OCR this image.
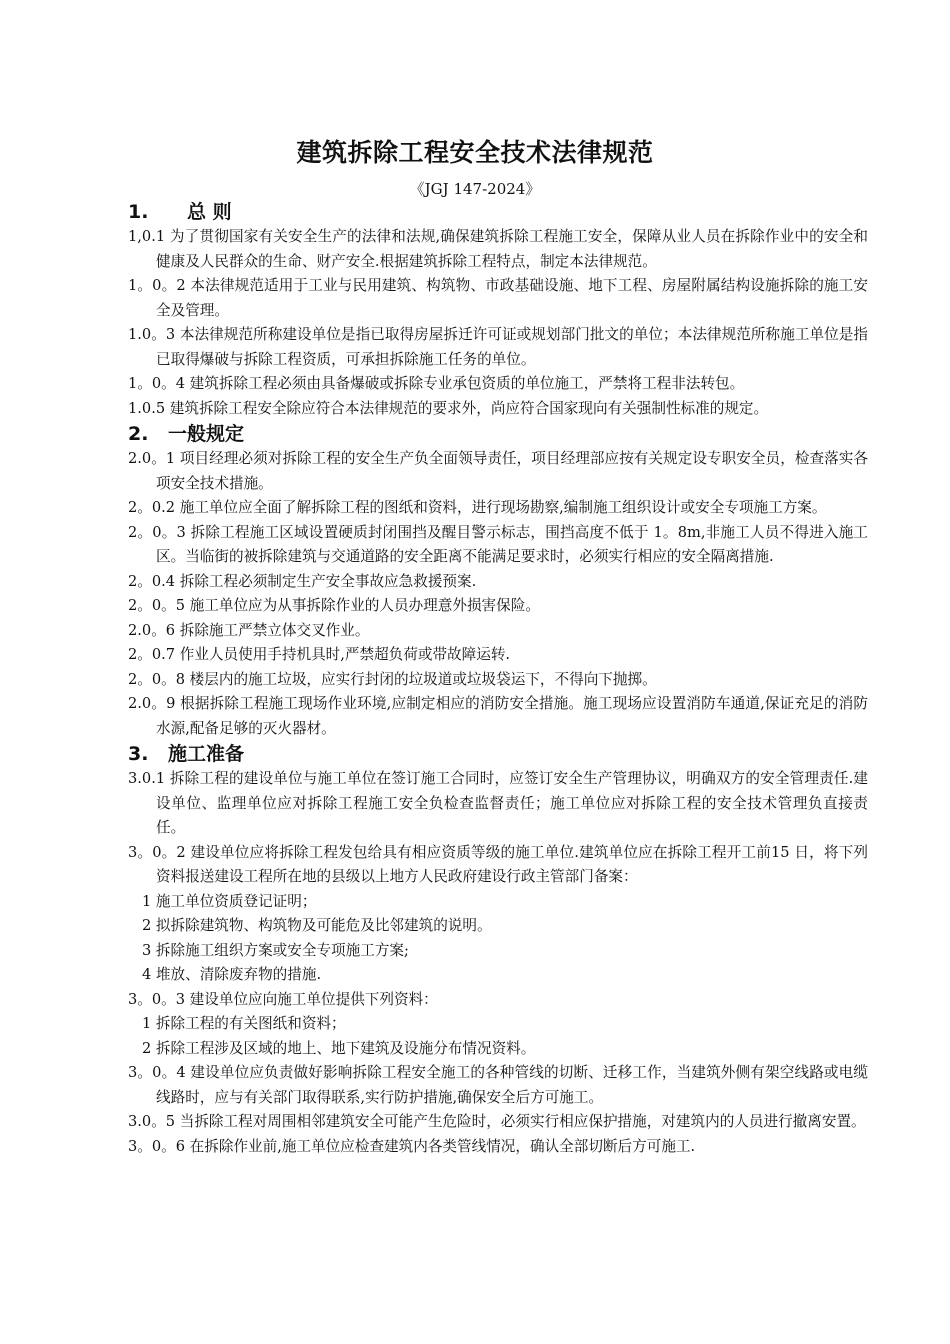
建筑拆除工程安全技术法律规范
《JGJ 147-2024》
1.　总 则
1,0.1 为了贯彻国家有关安全生产的法律和法规,确保建筑拆除工程施工安全，保障从业人员在拆除作业中的安全和健康及人民群众的生命、财产安全.根据建筑拆除工程特点，制定本法律规范。
1。0。2 本法律规范适用于工业与民用建筑、构筑物、市政基础设施、地下工程、房屋附属结构设施拆除的施工安全及管理。
1.0。3 本法律规范所称建设单位是指已取得房屋拆迁许可证或规划部门批文的单位；本法律规范所称施工单位是指已取得爆破与拆除工程资质，可承担拆除施工任务的单位。
1。0。4 建筑拆除工程必须由具备爆破或拆除专业承包资质的单位施工，严禁将工程非法转包。
1.0.5 建筑拆除工程安全除应符合本法律规范的要求外，尚应符合国家现向有关强制性标准的规定。
2. 一般规定
2.0。1 项目经理必须对拆除工程的安全生产负全面领导责任，项目经理部应按有关规定设专职安全员，检查落实各项安全技术措施。
2。0.2 施工单位应全面了解拆除工程的图纸和资料，进行现场勘察,编制施工组织设计或安全专项施工方案。
2。0。3 拆除工程施工区域设置硬质封闭围挡及醒目警示标志，围挡高度不低于 1。8m,非施工人员不得进入施工区。当临街的被拆除建筑与交通道路的安全距离不能满足要求时，必须实行相应的安全隔离措施.
2。0.4 拆除工程必须制定生产安全事故应急救援预案.
2。0。5 施工单位应为从事拆除作业的人员办理意外损害保险。
2.0。6 拆除施工严禁立体交叉作业。
2。0.7 作业人员使用手持机具时,严禁超负荷或带故障运转.
2。0。8 楼层内的施工垃圾，应实行封闭的垃圾道或垃圾袋运下，不得向下抛掷。
2.0。9 根据拆除工程施工现场作业环境,应制定相应的消防安全措施。施工现场应设置消防车通道,保证充足的消防水源,配备足够的灭火器材。
3. 施工准备
3.0.1 拆除工程的建设单位与施工单位在签订施工合同时，应签订安全生产管理协议，明确双方的安全管理责任.建设单位、监理单位应对拆除工程施工安全负检查监督责任；施工单位应对拆除工程的安全技术管理负直接责任。
3。0。2 建设单位应将拆除工程发包给具有相应资质等级的施工单位.建筑单位应在拆除工程开工前15 日，将下列资料报送建设工程所在地的县级以上地方人民政府建设行政主管部门备案：
1 施工单位资质登记证明；
2 拟拆除建筑物、构筑物及可能危及比邻建筑的说明。
3 拆除施工组织方案或安全专项施工方案;
4 堆放、清除废弃物的措施.
3。0。3 建设单位应向施工单位提供下列资料：
1 拆除工程的有关图纸和资料；
2 拆除工程涉及区域的地上、地下建筑及设施分布情况资料。
3。0。4 建设单位应负责做好影响拆除工程安全施工的各种管线的切断、迁移工作，当建筑外侧有架空线路或电缆线路时，应与有关部门取得联系,实行防护措施,确保安全后方可施工。
3.0。5 当拆除工程对周围相邻建筑安全可能产生危险时，必须实行相应保护措施，对建筑内的人员进行撤离安置。
3。0。6 在拆除作业前,施工单位应检查建筑内各类管线情况，确认全部切断后方可施工.
